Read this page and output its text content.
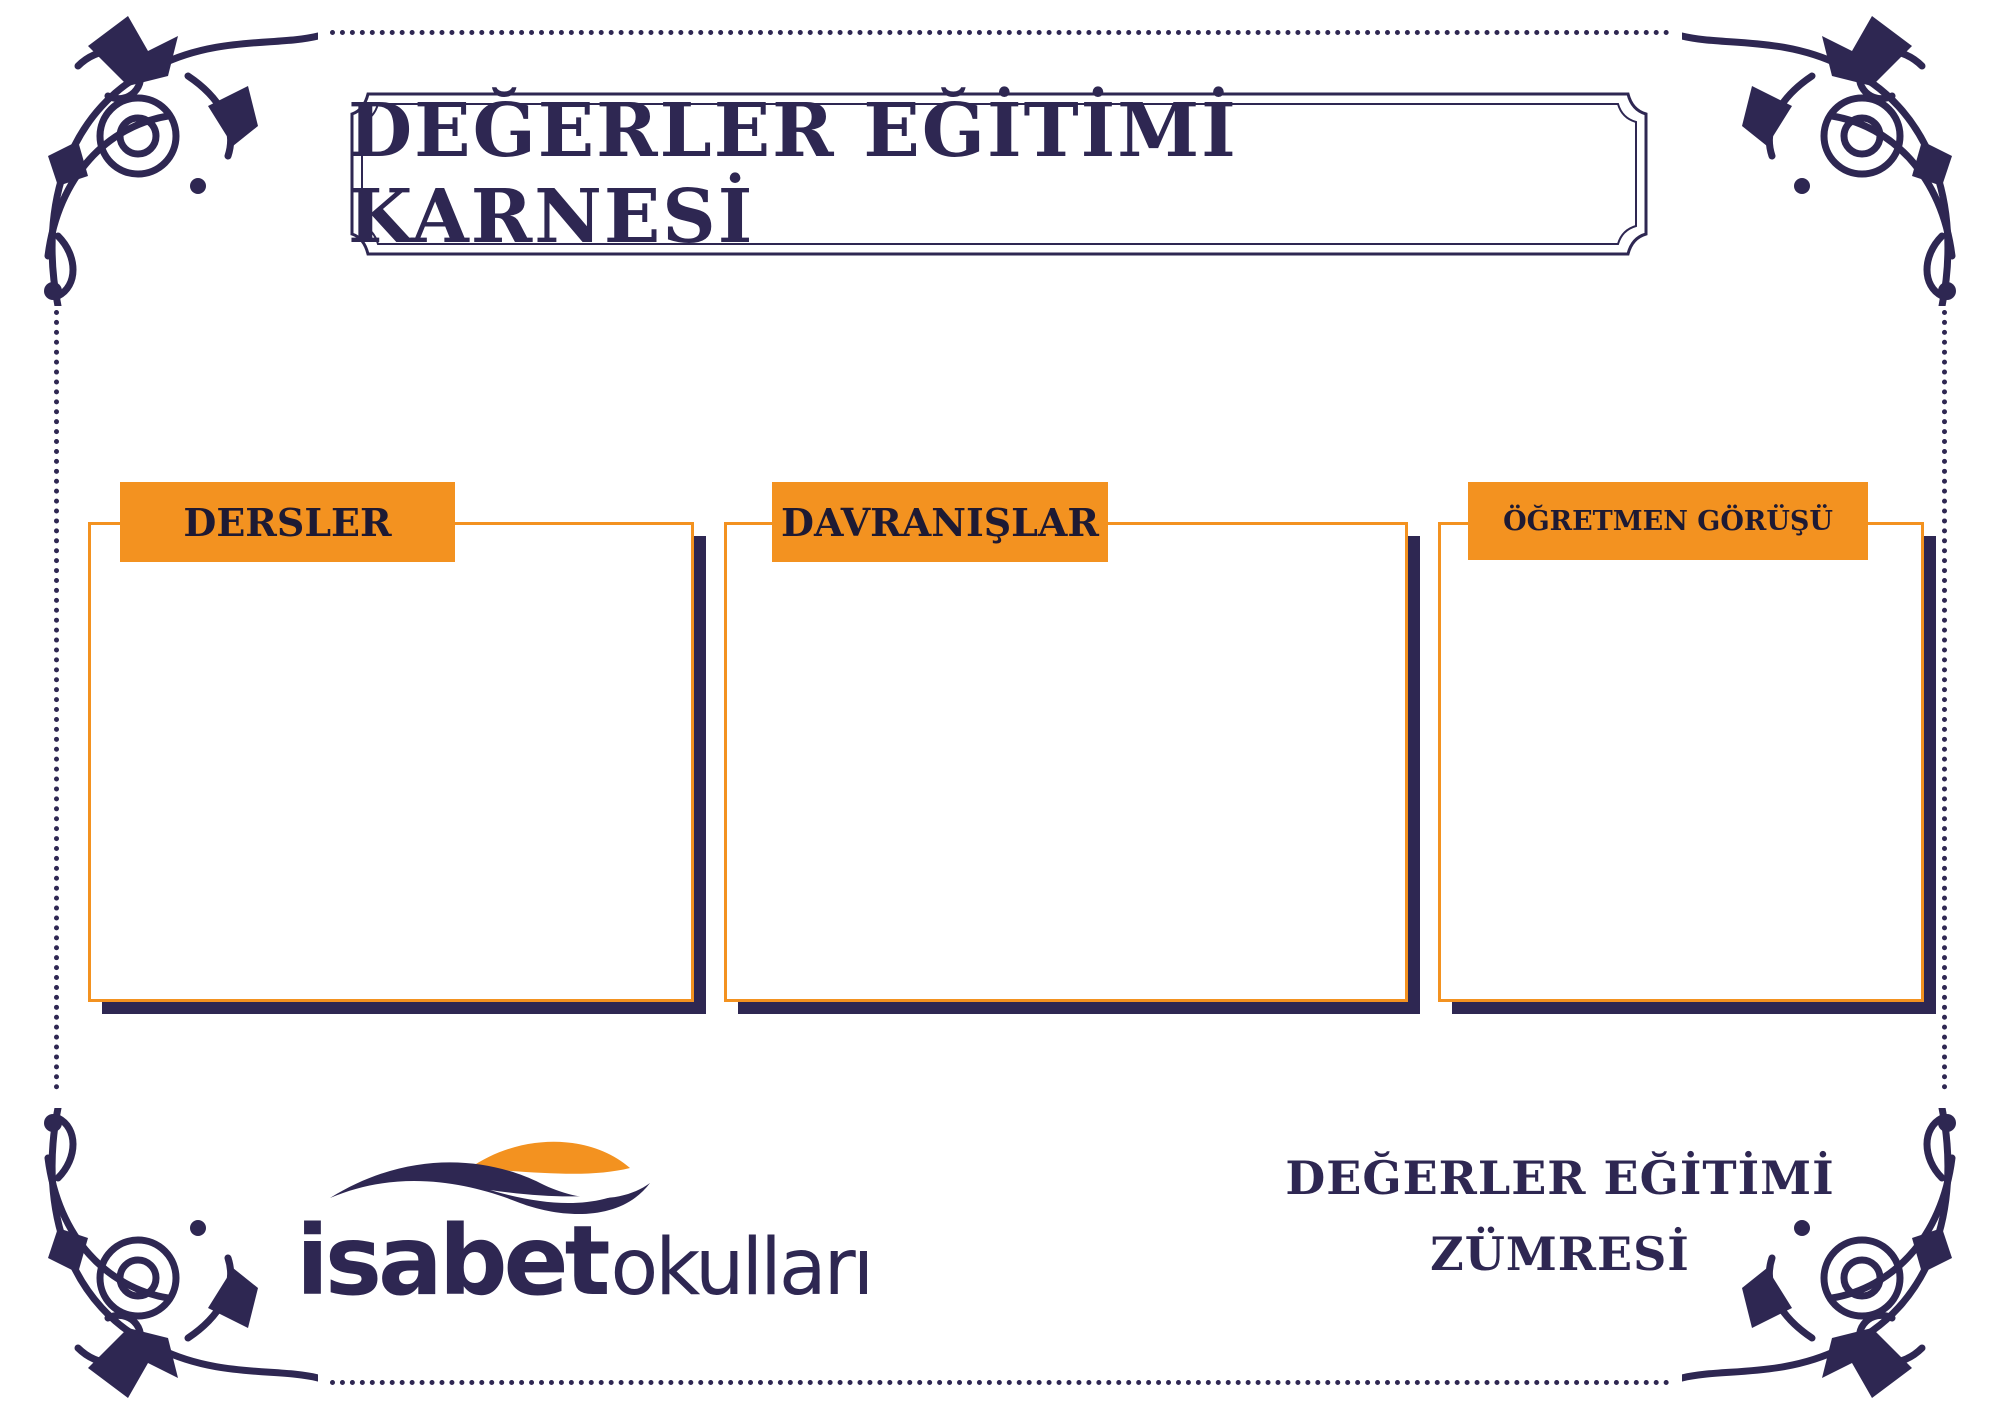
DEĞERLER EĞİTİMİ KARNESİ
DERSLER	DAVRANIŞLAR	ÖĞRETMEN GÖRÜŞÜ
isabetokulları
DEĞERLER EĞİTİMİ
ZÜMRESİ
